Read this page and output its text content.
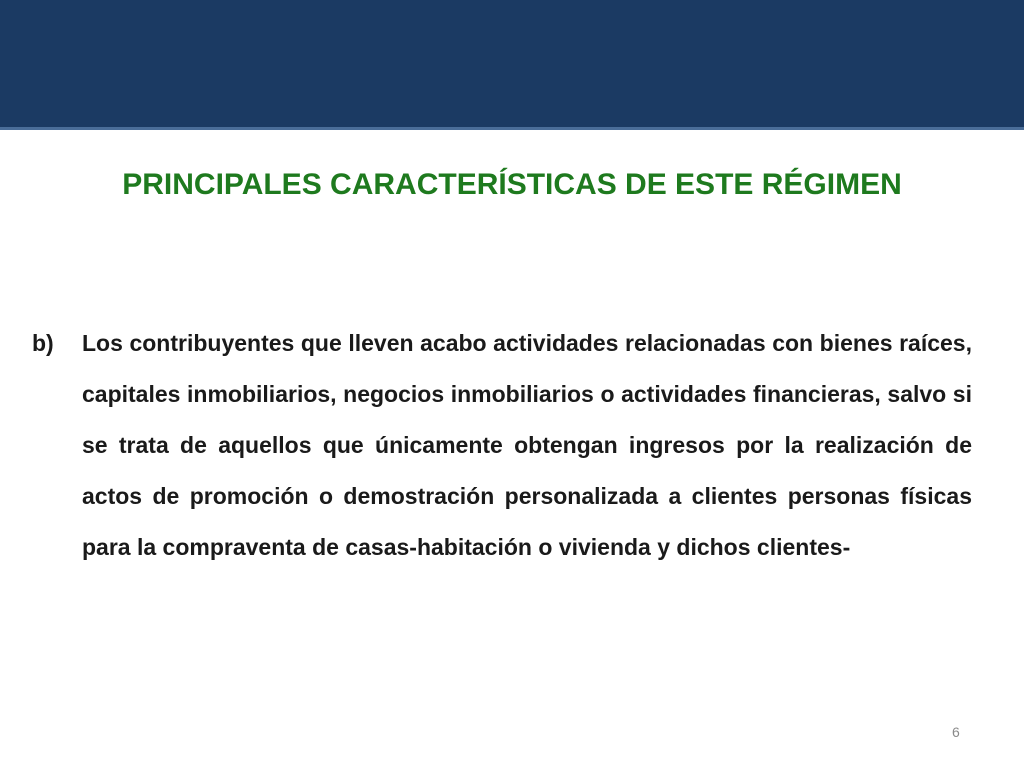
PRINCIPALES CARACTERÍSTICAS DE ESTE RÉGIMEN
b) Los contribuyentes que lleven acabo actividades relacionadas con bienes raíces, capitales inmobiliarios, negocios inmobiliarios o actividades financieras, salvo si se trata de aquellos que únicamente obtengan ingresos por la realización de actos de promoción o demostración personalizada a clientes personas físicas para la compraventa de casas-habitación o vivienda y dichos clientes-

6
